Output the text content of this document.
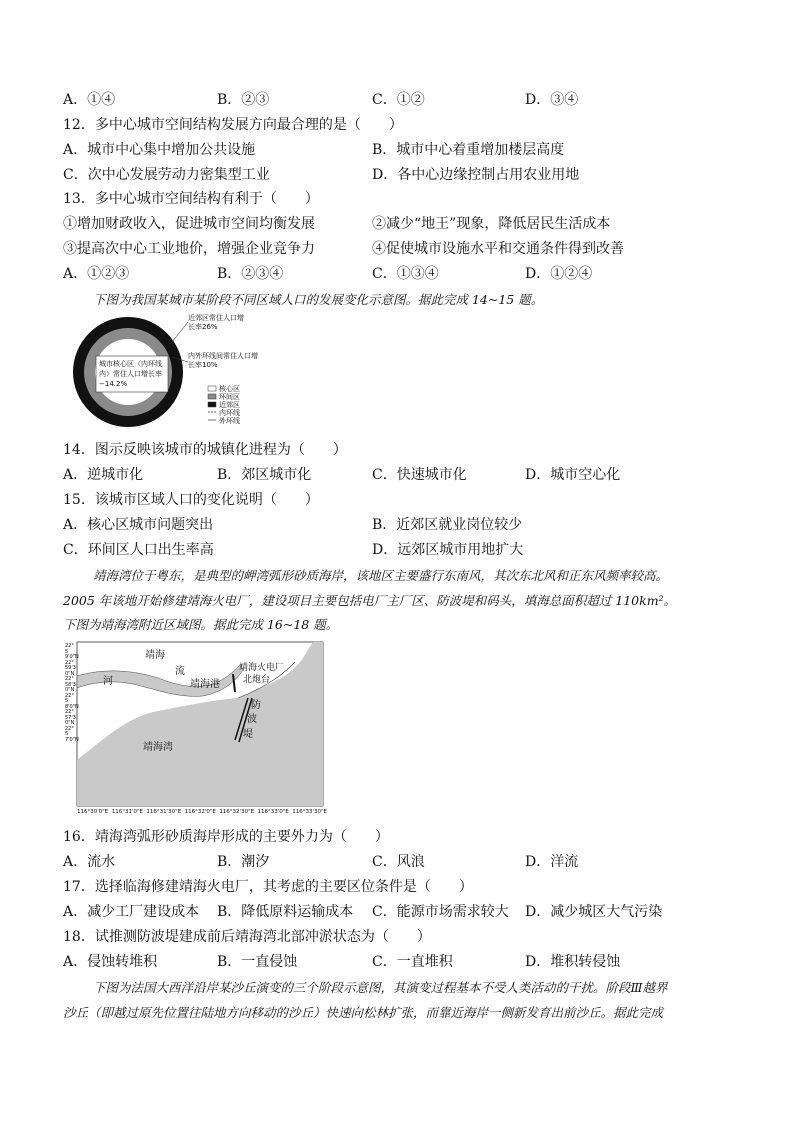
A．①④	B．②③	C．①②	D．③④
12．多中心城市空间结构发展方向最合理的是（　　）
A．城市中心集中增加公共设施	B．城市中心着重增加楼层高度
C．次中心发展劳动力密集型工业	D．各中心边缘控制占用农业用地
13．多中心城市空间结构有利于（　　）
①增加财政收入，促进城市空间均衡发展	②减少“地王”现象，降低居民生活成本
③提高次中心工业地价，增强企业竞争力	④促使城市设施水平和交通条件得到改善
A．①②③	B．②③④	C．①③④	D．①②④
下图为我国某城市某阶段不同区域人口的发展变化示意图。据此完成 14~15 题。
近郊区常住人口增长率26%
内外环线间常住人口增长率10%
城市核心区（内环线内）常住人口增长率−14.2%
核心区
环间区
近郊区
内环线
外环线
14．图示反映该城市的城镇化进程为（　　）
A．逆城市化	B．郊区城市化	C．快速城市化	D．城市空心化
15．该城市区域人口的变化说明（　　）
A．核心区城市问题突出	B．近郊区就业岗位较少
C．环间区人口出生率高	D．远郊区城市用地扩大
靖海湾位于粤东，是典型的岬湾弧形砂质海岸，该地区主要盛行东南风，其次东北风和正东风频率较高。
2005 年该地开始修建靖海火电厂，建设项目主要包括电厂主厂区、防波堤和码头，填海总面积超过 110km²。
下图为靖海湾附近区域图。据此完成 16~18 题。
22°59'0"N 22°59'30"N 22°58'30"N 22°58'0"N 22°57'30"N 22°57'0"N
116°30'0"E 116°31'0"E 116°31'30"E 116°32'0"E 116°32'30"E 116°33'0"E 116°33'30"E
靖海
流
河	靖海港
靖海火电厂
北炮台
防
波
堤
靖海湾
16．靖海湾弧形砂质海岸形成的主要外力为（　　）
A．流水	B．潮汐	C．风浪	D．洋流
17．选择临海修建靖海火电厂，其考虑的主要区位条件是（　　）
A．减少工厂建设成本 B．降低原料运输成本 C．能源市场需求较大 D．减少城区大气污染
18．试推测防波堤建成前后靖海湾北部冲淤状态为（　　）
A．侵蚀转堆积	B．一直侵蚀	C．一直堆积	D．堆积转侵蚀
下图为法国大西洋沿岸某沙丘演变的三个阶段示意图，其演变过程基本不受人类活动的干扰。阶段Ⅲ越界
沙丘（即越过原先位置往陆地方向移动的沙丘）快速向松林扩张，而靠近海岸一侧新发育出前沙丘。据此完成
